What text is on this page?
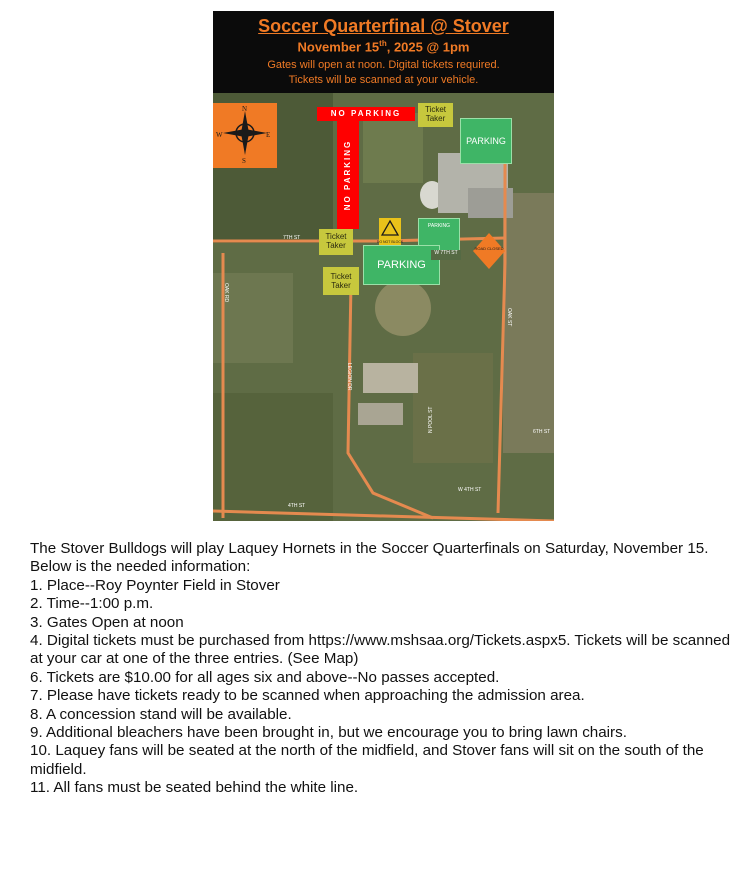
Soccer Quarterfinal @ Stover
November 15th, 2025 @ 1pm
Gates will open at noon. Digital tickets required.
Tickets will be scanned at your vehicle.
7TH ST
W 4TH ST
4TH ST
6TH ST
LEGION DR
OAK RD
N POOL ST
OAK ST
N
E
S
W
DO NOT BLOCK
ROAD CLOSED
NO PARKING
NO PARKING
Ticket Taker
Ticket Taker
Ticket Taker
PARKING
PARKING
PARKING
W 7TH ST

The Stover Bulldogs will play Laquey Hornets in the Soccer Quarterfinals on Saturday, November 15. Below is the needed information:

1. Place--Roy Poynter Field in Stover
2. Time--1:00 p.m.
3. Gates Open at noon
4. Digital tickets must be purchased from https://www.mshsaa.org/Tickets.aspx5. Tickets will be scanned at your car at one of the three entries. (See Map)
6. Tickets are $10.00 for all ages six and above--No passes accepted.
7. Please have tickets ready to be scanned when approaching the admission area.
8. A concession stand will be available.
9. Additional bleachers have been brought in, but we encourage you to bring lawn chairs.
10. Laquey fans will be seated at the north of the midfield, and Stover fans will sit on the south of the midfield.
11. All fans must be seated behind the white line.
